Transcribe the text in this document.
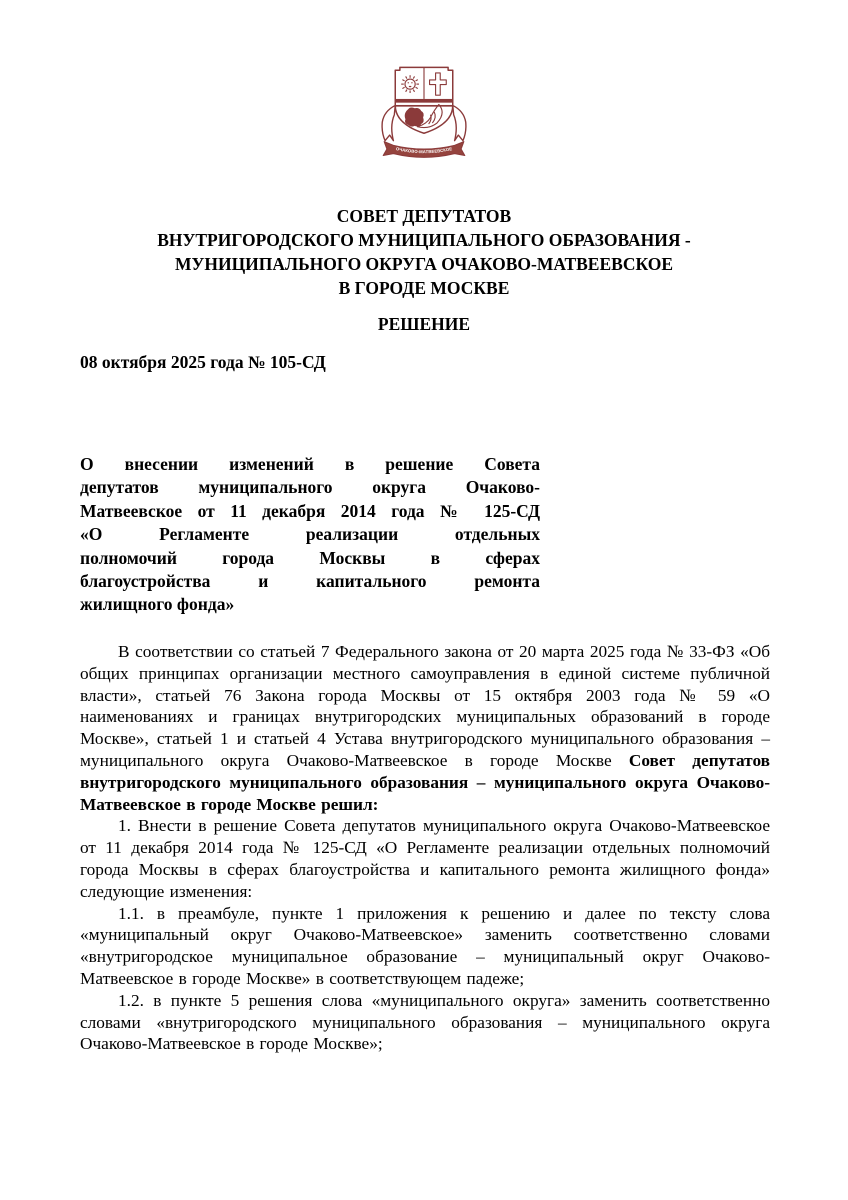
ОЧАКОВО-МАТВЕЕВСКОЕ
СОВЕТ ДЕПУТАТОВ
ВНУТРИГОРОДСКОГО МУНИЦИПАЛЬНОГО ОБРАЗОВАНИЯ -
МУНИЦИПАЛЬНОГО ОКРУГА ОЧАКОВО-МАТВЕЕВСКОЕ
В ГОРОДЕ МОСКВЕ
РЕШЕНИЕ
08 октября 2025 года № 105-СД
О внесении изменений в решение Совета
депутатов муниципального округа Очаково-
Матвеевское от 11 декабря 2014 года № 125-СД
«О Регламенте реализации отдельных
полномочий города Москвы в сферах
благоустройства и капитального ремонта
жилищного фонда»

В соответствии со статьей 7 Федерального закона от 20 марта 2025 года № 33-ФЗ «Об общих принципах организации местного самоуправления в единой системе публичной власти», статьей 76 Закона города Москвы от 15 октября 2003 года № 59 «О наименованиях и границах внутригородских муниципальных образований в городе Москве», статьей 1 и статьей 4 Устава внутригородского муниципального образования – муниципального округа Очаково-Матвеевское в городе Москве Совет депутатов внутригородского муниципального образования – муниципального округа Очаково-Матвеевское в городе Москве решил:

1. Внести в решение Совета депутатов муниципального округа Очаково-Матвеевское от 11 декабря 2014 года № 125-СД «О Регламенте реализации отдельных полномочий города Москвы в сферах благоустройства и капитального ремонта жилищного фонда» следующие изменения:

1.1. в преамбуле, пункте 1 приложения к решению и далее по тексту слова «муниципальный округ Очаково-Матвеевское» заменить соответственно словами «внутригородское муниципальное образование – муниципальный округ Очаково-Матвеевское в городе Москве» в соответствующем падеже;

1.2. в пункте 5 решения слова «муниципального округа» заменить соответственно словами «внутригородского муниципального образования – муниципального округа Очаково-Матвеевское в городе Москве»;
